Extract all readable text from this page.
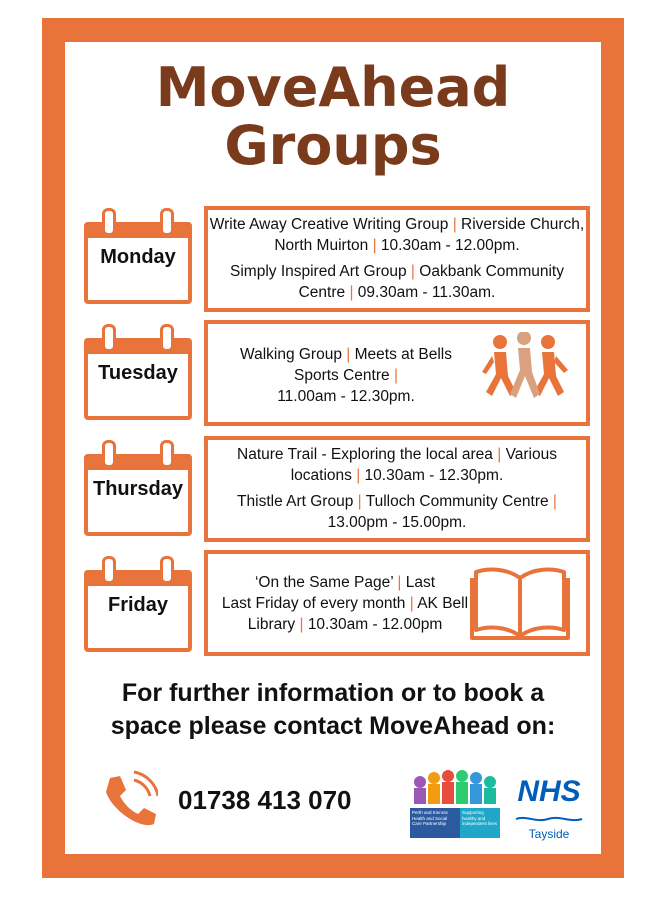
MoveAhead
Groups
Monday

Write Away Creative Writing Group | Riverside Church, North Muirton | 10.30am - 12.00pm.

Simply Inspired Art Group | Oakbank Community Centre | 09.30am - 11.30am.

Tuesday

Walking Group | Meets at Bells Sports Centre |
11.00am - 12.30pm.

Thursday

Nature Trail - Exploring the local area | Various locations | 10.30am - 12.30pm.

Thistle Art Group | Tulloch Community Centre | 13.00pm - 15.00pm.

Friday

‘On the Same Page’ | Last
Last Friday of every month | AK Bell Library | 10.30am - 12.00pm

For further information or to book a
space please contact MoveAhead on:
01738 413 070	Perth and Kinross Health and Social Care Partnership
Supporting healthy and independent lives
NHS
Tayside
